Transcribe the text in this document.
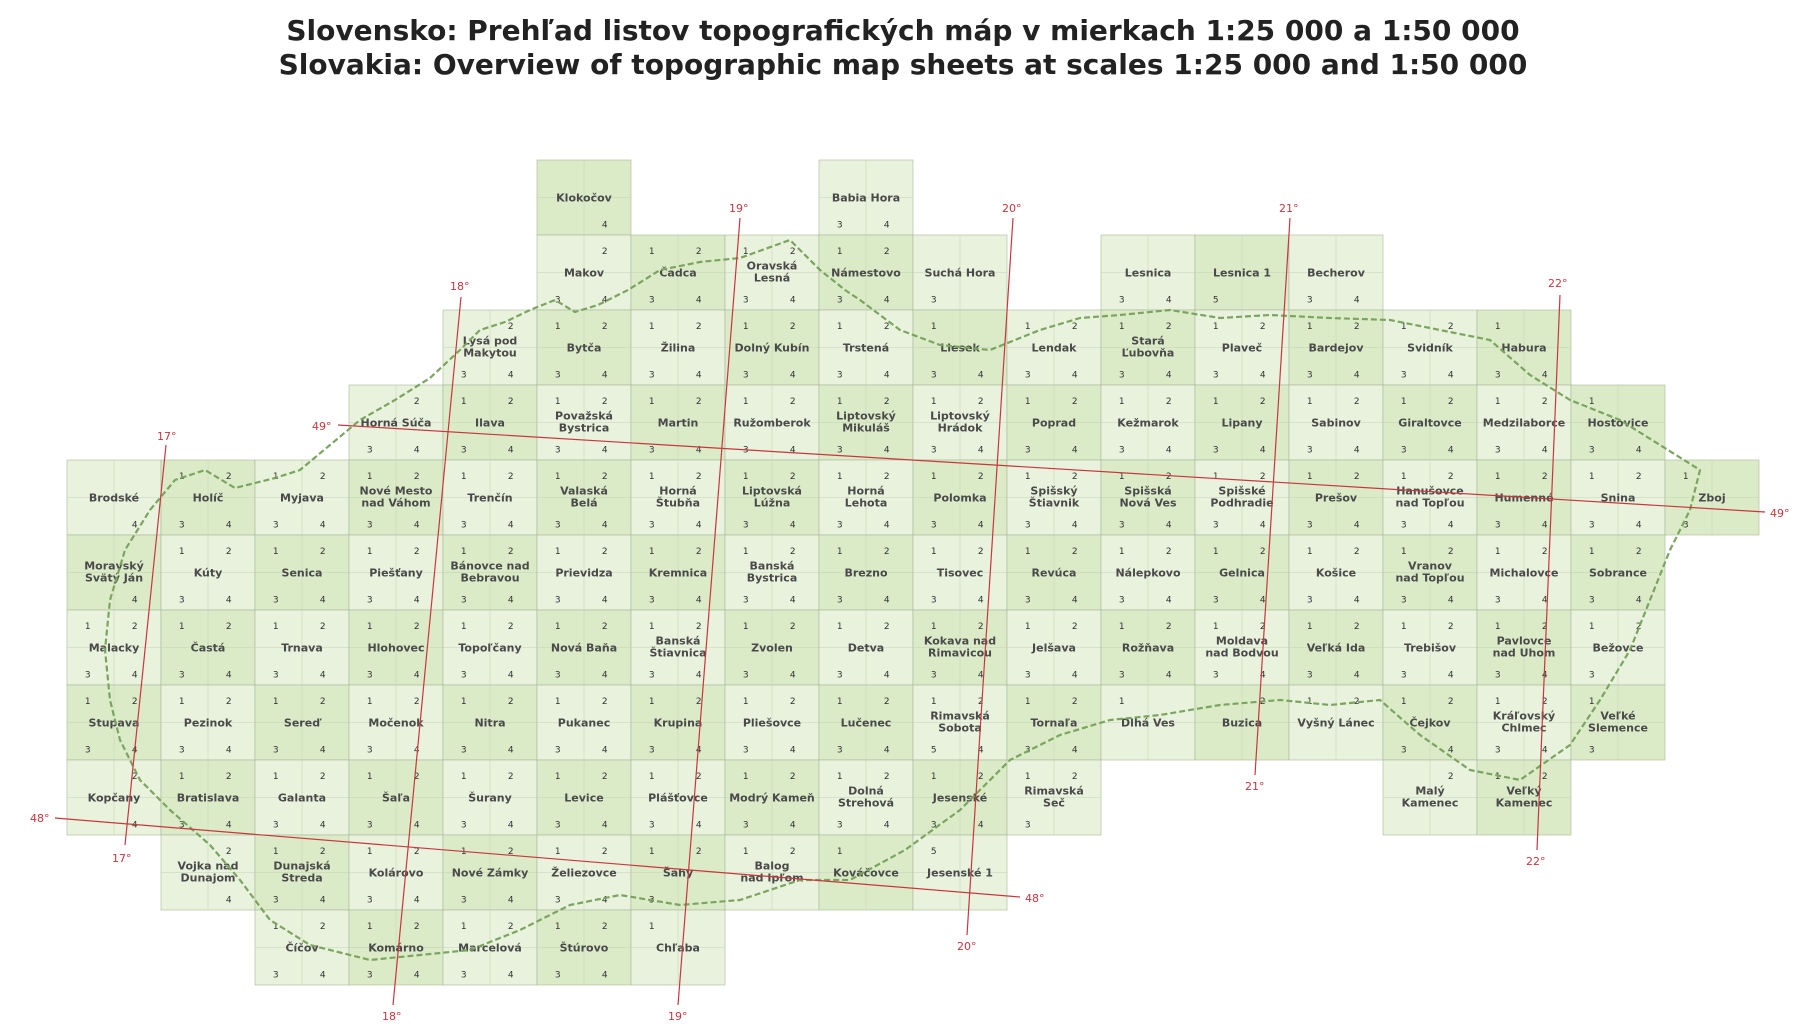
Slovensko: Prehľad listov topografických máp v mierkach 1:25 000 a 1:50 000
Slovakia: Overview of topographic map sheets at scales 1:25 000 and 1:50 000
Klokočov
4
Babia Hora
3	4
Makov
2
3	4
Čadca
1	2
3	4
Oravská Lesná
1	2
3	4
Námestovo
1	2
3	4
Suchá Hora
3
Lesnica
3	4
Lesnica 1
5
Becherov
3	4
Lysá pod Makytou
2
3	4
Bytča
1	2
3	4
Žilina
1	2
3	4
Dolný Kubín
1	2
3	4
Trstená
1	2
3	4
Liesek
1
3	4
Lendak
1	2
3	4
Stará Ľubovňa
1	2
3	4
Plaveč
1	2
3	4
Bardejov
1	2
3	4
Svidník
1	2
3	4
Habura
1
3	4
Horná Súča
2
3	4
Ilava
1	2
3	4
Považská Bystrica
1	2
3	4
Martin
1	2
3	4
Ružomberok
1	2
3	4
Liptovský Mikuláš
1	2
3	4
Liptovský Hrádok
1	2
3	4
Poprad
1	2
3	4
Kežmarok
1	2
3	4
Lipany
1	2
3	4
Sabinov
1	2
3	4
Giraltovce
1	2
3	4
Medzilaborce
1	2
3	4
Hostovice
1
3	4
Brodské
4
Holíč
1	2
3	4
Myjava
1	2
3	4
Nové Mesto nad Váhom
1	2
3	4
Trenčín
1	2
3	4
Valaská Belá
1	2
3	4
Horná Štubňa
1	2
3	4
Liptovská Lúžna
1	2
3	4
Horná Lehota
1	2
3	4
Polomka
1	2
3	4
Spišský Štiavnik
1	2
3	4
Spišská Nová Ves
1	2
3	4
Spišské Podhradie
1	2
3	4
Prešov
1	2
3	4
Hanušovce nad Topľou
1	2
3	4
Humenné
1	2
3	4
Snina
1	2
3	4
Zboj
1
3
Moravský Svätý Ján
4
Kúty
1	2
3	4
Senica
1	2
3	4
Piešťany
1	2
3	4
Bánovce nad Bebravou
1	2
3	4
Prievidza
1	2
3	4
Kremnica
1	2
3	4
Banská Bystrica
1	2
3	4
Brezno
1	2
3	4
Tisovec
1	2
3	4
Revúca
1	2
3	4
Nálepkovo
1	2
3	4
Gelnica
1	2
3	4
Košice
1	2
3	4
Vranov nad Topľou
1	2
3	4
Michalovce
1	2
3	4
Sobrance
1	2
3	4
Malacky
1	2
3	4
Častá
1	2
3	4
Trnava
1	2
3	4
Hlohovec
1	2
3	4
Topoľčany
1	2
3	4
Nová Baňa
1	2
3	4
Banská Štiavnica
1	2
3	4
Zvolen
1	2
3	4
Detva
1	2
3	4
Kokava nad Rimavicou
1	2
3	4
Jelšava
1	2
3	4
Rožňava
1	2
3	4
Moldava nad Bodvou
1	2
3	4
Veľká Ida
1	2
3	4
Trebišov
1	2
3	4
Pavlovce nad Uhom
1	2
3	4
Bežovce
1	2
3
Stupava
1	2
3	4
Pezinok
1	2
3	4
Sereď
1	2
3	4
Močenok
1	2
3	4
Nitra
1	2
3	4
Pukanec
1	2
3	4
Krupina
1	2
3	4
Pliešovce
1	2
3	4
Lučenec
1	2
3	4
Rimavská Sobota
1	2
5	4
Tornaľa
1	2
3	4
Dlhá Ves
1
Buzica
2
Vyšný Lánec
1	2
Čejkov
1	2
3	4
Kráľovský Chlmec
1	2
3	4
Veľké Slemence
1
3
Kopčany
2
4
Bratislava
1	2
3	4
Galanta
1	2
3	4
Šaľa
1	2
3	4
Šurany
1	2
3	4
Levice
1	2
3	4
Plášťovce
1	2
3	4
Modrý Kameň
1	2
3	4
Dolná Strehová
1	2
3	4
Jesenské
1	2
3	4
Rimavská Seč
1	2
3
Malý Kamenec
2
Veľký Kamenec
1	2
Vojka nad Dunajom
2
4
Dunajská Streda
1	2
3	4
Kolárovo
1	2
3	4
Nové Zámky
1	2
3	4
Želiezovce
1	2
3	4
Šahy
1	2
3
Balog nad Ipľom
1	2
Kováčovce
1
Jesenské 1
5
Číčov
1	2
3	4
Komárno
1	2
3	4
Marcelová
1	2
3	4
Štúrovo
1	2
3	4
Chľaba
1
17°
17°
18°
18°
19°
19°
20°
20°
21°
21°
22°
22°
49°
49°
48°
48°
